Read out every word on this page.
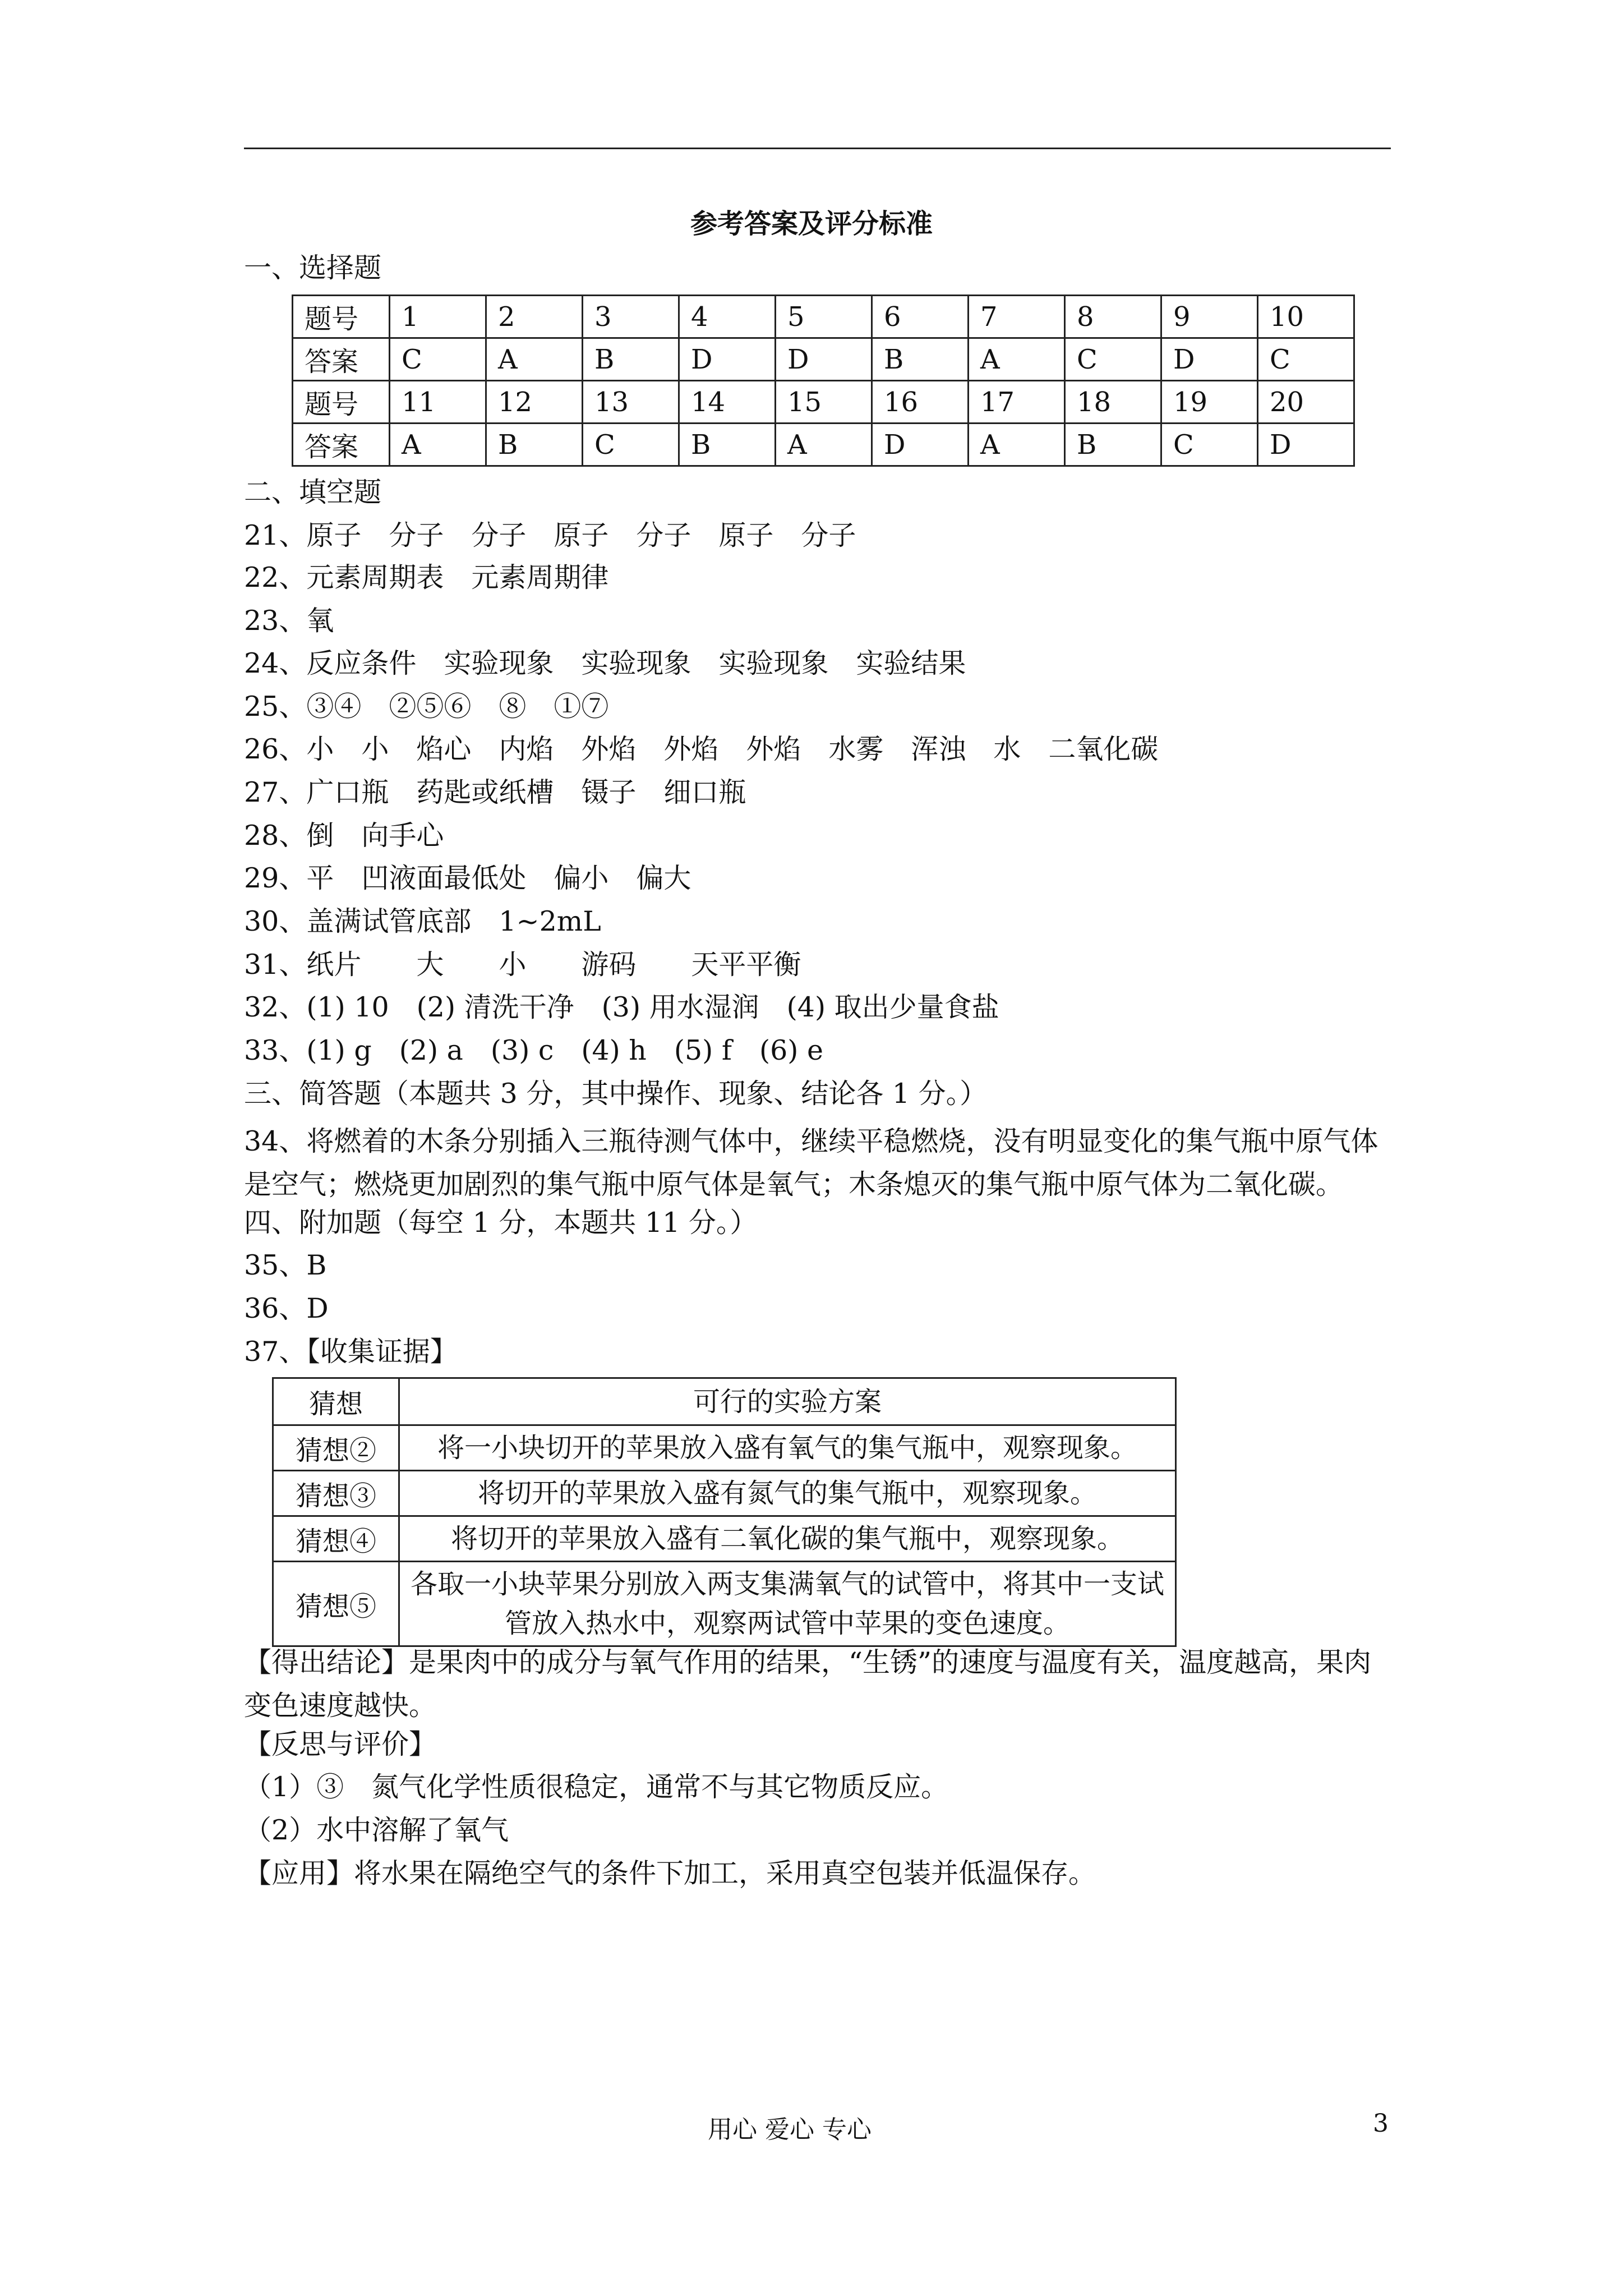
参考答案及评分标准
一、选择题
题号	1	2	3	4	5	6	7	8	9	10
答案	C	A	B	D	D	B	A	C	D	C
题号	11	12	13	14	15	16	17	18	19	20
答案	A	B	C	B	A	D	A	B	C	D
二、填空题
21、原子　分子　分子　原子　分子　原子　分子
22、元素周期表　元素周期律
23、氧
24、反应条件　实验现象　实验现象　实验现象　实验结果
25、③④　②⑤⑥　⑧　①⑦
26、小　小　焰心　内焰　外焰　外焰　外焰　水雾　浑浊　水　二氧化碳
27、广口瓶　药匙或纸槽　镊子　细口瓶
28、倒　向手心
29、平　凹液面最低处　偏小　偏大
30、盖满试管底部　1~2mL
31、纸片　　大　　小　　游码　　天平平衡
32、(1) 10　(2) 清洗干净　(3) 用水湿润　(4) 取出少量食盐
33、(1) g　(2) a　(3) c　(4) h　(5) f　(6) e
三、简答题（本题共 3 分，其中操作、现象、结论各 1 分。）
34、将燃着的木条分别插入三瓶待测气体中，继续平稳燃烧，没有明显变化的集气瓶中原气体是空气；燃烧更加剧烈的集气瓶中原气体是氧气；木条熄灭的集气瓶中原气体为二氧化碳。
四、附加题（每空 1 分，本题共 11 分。）
35、B
36、D
37、【收集证据】
猜想	可行的实验方案
猜想②	将一小块切开的苹果放入盛有氧气的集气瓶中，观察现象。
猜想③	将切开的苹果放入盛有氮气的集气瓶中，观察现象。
猜想④	将切开的苹果放入盛有二氧化碳的集气瓶中，观察现象。
猜想⑤	各取一小块苹果分别放入两支集满氧气的试管中，将其中一支试管放入热水中，观察两试管中苹果的变色速度。
【得出结论】是果肉中的成分与氧气作用的结果，“生锈”的速度与温度有关，温度越高，果肉变色速度越快。
【反思与评价】
（1）③　氮气化学性质很稳定，通常不与其它物质反应。
（2）水中溶解了氧气
【应用】将水果在隔绝空气的条件下加工，采用真空包装并低温保存。
用心 爱心 专心	3
